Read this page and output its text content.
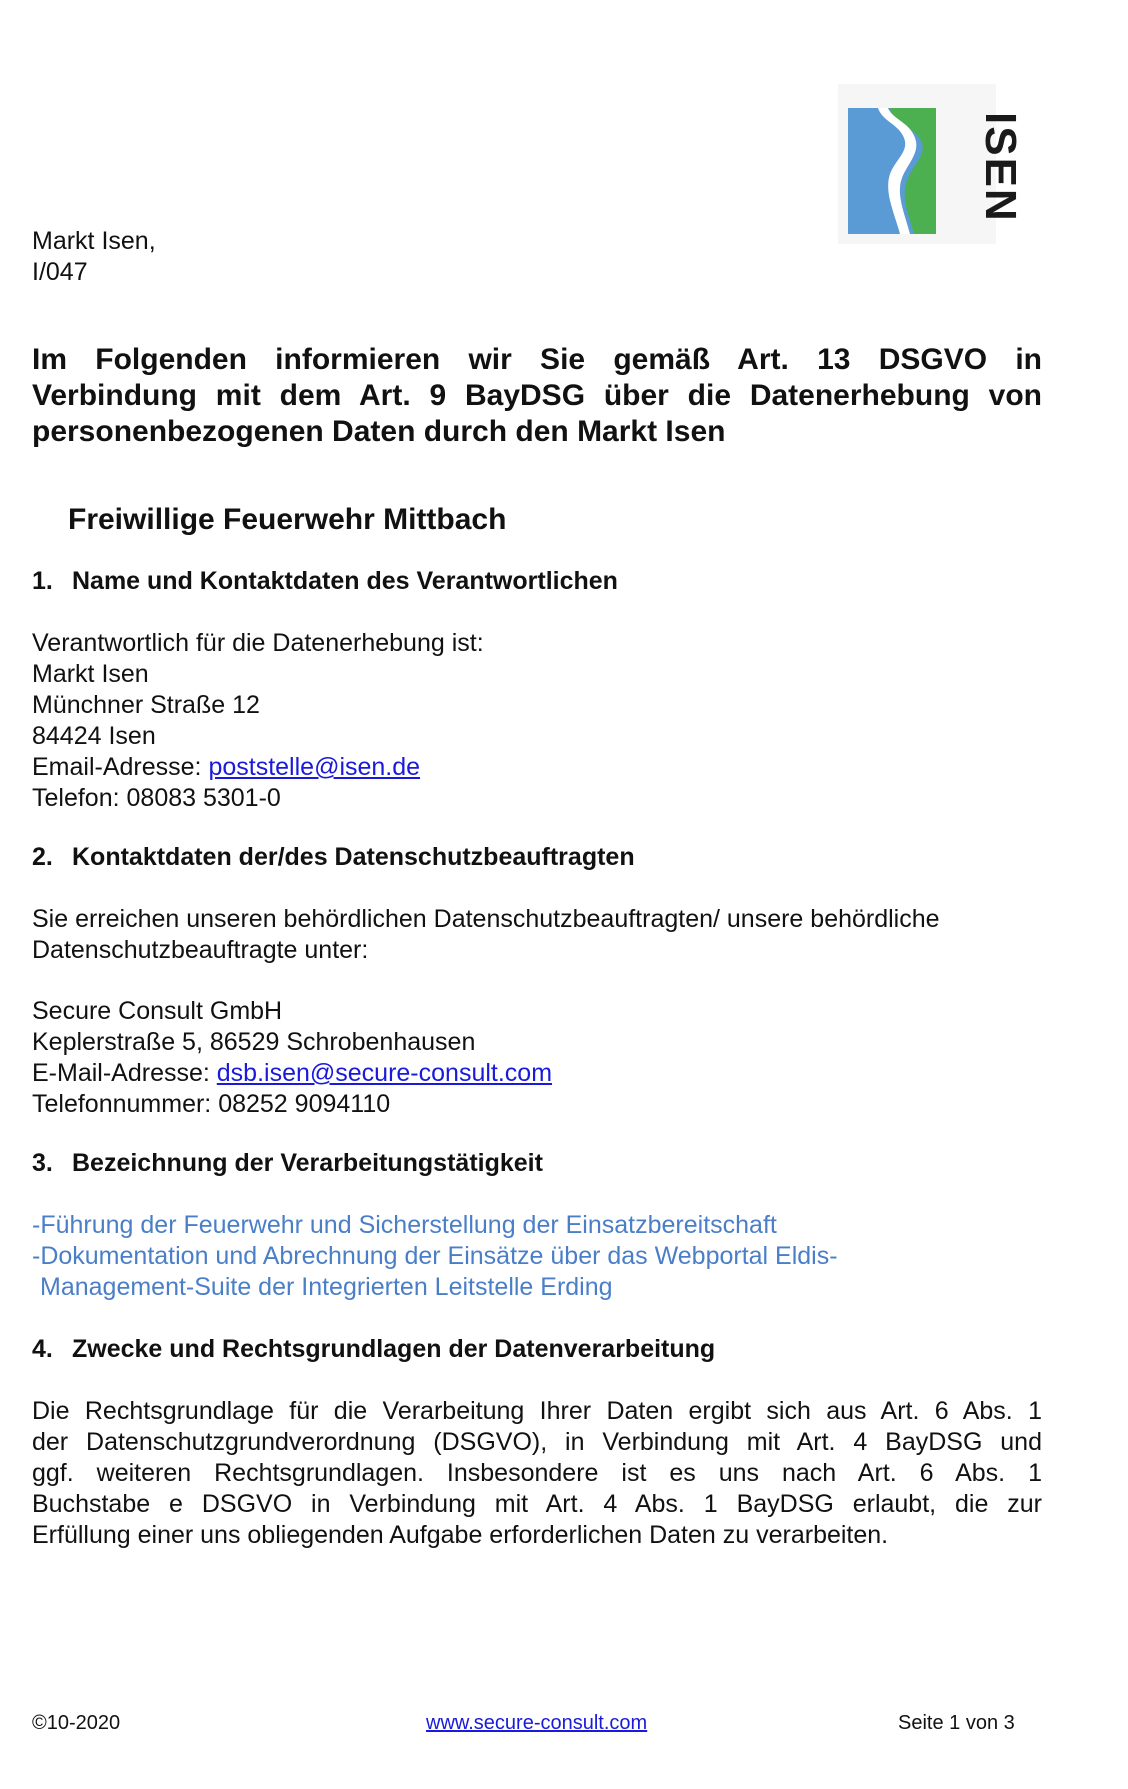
ISEN

Markt Isen,

I/047

Im Folgenden informieren wir Sie gemäß Art. 13 DSGVO in
Verbindung mit dem Art. 9 BayDSG über die Datenerhebung von
personenbezogenen Daten durch den Markt Isen

Freiwillige Feuerwehr Mittbach

1. Name und Kontaktdaten des Verantwortlichen

Verantwortlich für die Datenerhebung ist:

Markt Isen

Münchner Straße 12

84424 Isen

Email-Adresse: poststelle@isen.de

Telefon: 08083 5301-0

2. Kontaktdaten der/des Datenschutzbeauftragten

Sie erreichen unseren behördlichen Datenschutzbeauftragten/ unsere behördliche

Datenschutzbeauftragte unter:

Secure Consult GmbH

Keplerstraße 5, 86529 Schrobenhausen

E-Mail-Adresse: dsb.isen@secure-consult.com

Telefonnummer: 08252 9094110

3. Bezeichnung der Verarbeitungstätigkeit

-Führung der Feuerwehr und Sicherstellung der Einsatzbereitschaft

-Dokumentation und Abrechnung der Einsätze über das Webportal Eldis-

Management-Suite der Integrierten Leitstelle Erding

4. Zwecke und Rechtsgrundlagen der Datenverarbeitung

Die Rechtsgrundlage für die Verarbeitung Ihrer Daten ergibt sich aus Art. 6 Abs. 1
der Datenschutzgrundverordnung (DSGVO), in Verbindung mit Art. 4 BayDSG und
ggf. weiteren Rechtsgrundlagen. Insbesondere ist es uns nach Art. 6 Abs. 1
Buchstabe e DSGVO in Verbindung mit Art. 4 Abs. 1 BayDSG erlaubt, die zur
Erfüllung einer uns obliegenden Aufgabe erforderlichen Daten zu verarbeiten.
©10-2020	www.secure-consult.com	Seite 1 von 3
